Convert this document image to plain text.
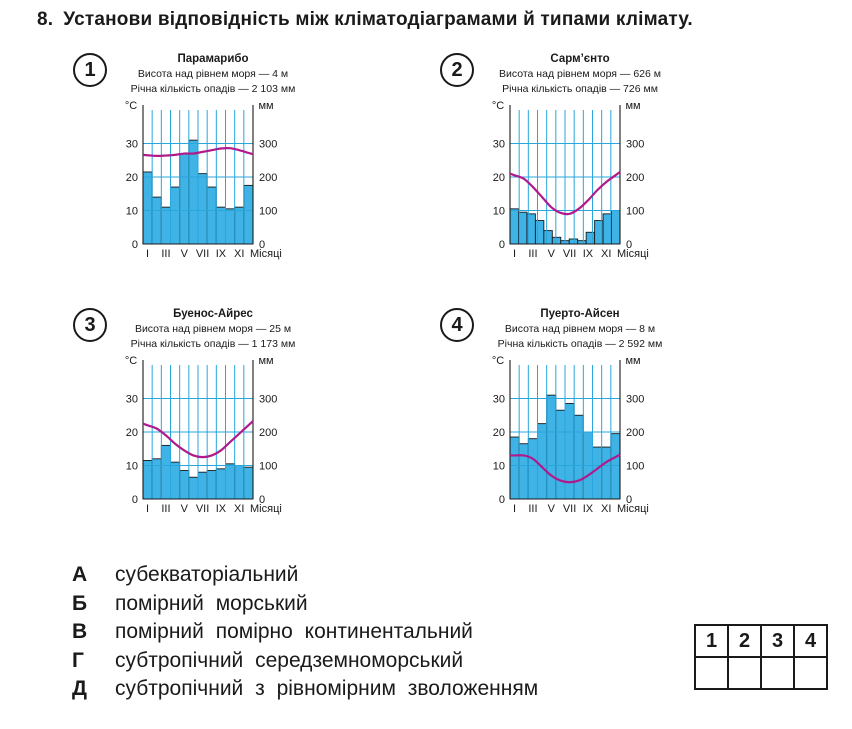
8. Установи відповідність між кліматодіаграмами й типами клімату.
1	Парамарибо
Висота над рівнем моря — 4 м
Річна кількість опадів — 2 103 мм
°C	мм
0
10
20
30
0
100
200
300
I III V VII IX XI Місяці
2	Сарм’єнто
Висота над рівнем моря — 626 м
Річна кількість опадів — 726 мм
°C	мм
0
10
20
30
0
100
200
300
I III V VII IX XI Місяці
3	Буенос-Айрес
Висота над рівнем моря — 25 м
Річна кількість опадів — 1 173 мм
°C	мм
0
10
20
30
0
100
200
300
I III V VII IX XI Місяці
4	Пуерто-Айсен
Висота над рівнем моря — 8 м
Річна кількість опадів — 2 592 мм
°C	мм
0
10
20
30
0
100
200
300
I III V VII IX XI Місяці
А субекваторіальний
Б помірний морський
В помірний помірно континентальний
Г субтропічний середземноморський
Д субтропічний з рівномірним зволоженням
1	2	3	4
